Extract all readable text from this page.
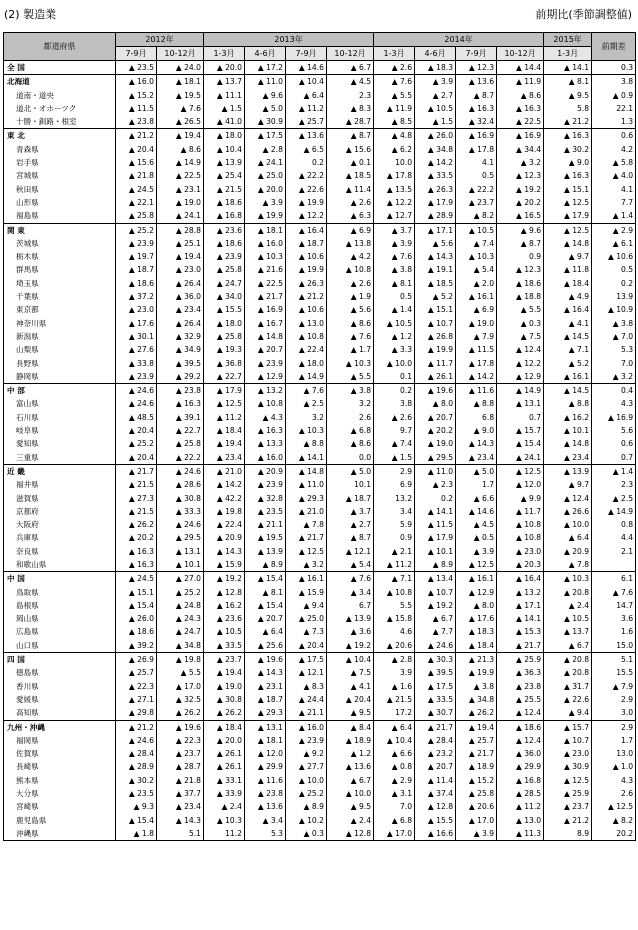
(2) 製造業	前期比(季節調整値)
都道府県	2012年		2013年				2014年				2015年	前期差
	7-9月	10-12月	1-3月	4-6月	7-9月	10-12月	1-3月	4-6月	7-9月	10-12月	1-3月	
全 国	▲ 23.5	▲ 24.0	▲ 20.0	▲ 17.2	▲ 14.6	▲ 6.7	▲ 2.6	▲ 18.3	▲ 12.3	▲ 14.4	▲ 14.1	0.3
北海道	▲ 16.0	▲ 18.1	▲ 13.7	▲ 11.0	▲ 10.4	▲ 4.5	▲ 7.6	▲ 3.9	▲ 13.6	▲ 11.9	▲ 8.1	3.8
道南・道央	▲ 15.2	▲ 19.5	▲ 11.1	▲ 9.6	▲ 6.4	2.3	▲ 5.5	▲ 2.7	▲ 8.7	▲ 8.6	▲ 9.5	▲ 0.9
道北・オホーツク	▲ 11.5	▲ 7.6	▲ 1.5	▲ 5.0	▲ 11.2	▲ 8.3	▲ 11.9	▲ 10.5	▲ 16.3	▲ 16.3	5.8	22.1
十勝・釧路・根室	▲ 23.8	▲ 26.5	▲ 41.0	▲ 30.9	▲ 25.7	▲ 28.7	▲ 8.5	▲ 1.5	▲ 32.4	▲ 22.5	▲ 21.2	1.3
東 北	▲ 21.2	▲ 19.4	▲ 18.0	▲ 17.5	▲ 13.6	▲ 8.7	▲ 4.8	▲ 26.0	▲ 16.9	▲ 16.9	▲ 16.3	0.6
青森県	▲ 20.4	▲ 8.6	▲ 10.4	▲ 2.8	▲ 6.5	▲ 15.6	▲ 6.2	▲ 34.8	▲ 17.8	▲ 34.4	▲ 30.2	4.2
岩手県	▲ 15.6	▲ 14.9	▲ 13.9	▲ 24.1	0.2	▲ 0.1	10.0	▲ 14.2	4.1	▲ 3.2	▲ 9.0	▲ 5.8
宮城県	▲ 21.8	▲ 22.5	▲ 25.4	▲ 25.0	▲ 22.2	▲ 18.5	▲ 17.8	▲ 33.5	0.5	▲ 12.3	▲ 16.3	▲ 4.0
秋田県	▲ 24.5	▲ 23.1	▲ 21.5	▲ 20.0	▲ 22.6	▲ 11.4	▲ 13.5	▲ 26.3	▲ 22.2	▲ 19.2	▲ 15.1	4.1
山形県	▲ 22.1	▲ 19.0	▲ 18.6	▲ 3.9	▲ 19.9	▲ 2.6	▲ 12.2	▲ 17.9	▲ 23.7	▲ 20.2	▲ 12.5	7.7
福島県	▲ 25.8	▲ 24.1	▲ 16.8	▲ 19.9	▲ 12.2	▲ 6.3	▲ 12.7	▲ 28.9	▲ 8.2	▲ 16.5	▲ 17.9	▲ 1.4
関 東	▲ 25.2	▲ 28.8	▲ 23.6	▲ 18.1	▲ 16.4	▲ 6.9	▲ 3.7	▲ 17.1	▲ 10.5	▲ 9.6	▲ 12.5	▲ 2.9
茨城県	▲ 23.9	▲ 25.1	▲ 18.6	▲ 16.0	▲ 18.7	▲ 13.8	▲ 3.9	▲ 5.6	▲ 7.4	▲ 8.7	▲ 14.8	▲ 6.1
栃木県	▲ 19.7	▲ 19.4	▲ 23.9	▲ 10.3	▲ 10.6	▲ 4.2	▲ 7.6	▲ 14.3	▲ 10.3	0.9	▲ 9.7	▲ 10.6
群馬県	▲ 18.7	▲ 23.0	▲ 25.8	▲ 21.6	▲ 19.9	▲ 10.8	▲ 3.8	▲ 19.1	▲ 5.4	▲ 12.3	▲ 11.8	0.5
埼玉県	▲ 18.6	▲ 26.4	▲ 24.7	▲ 22.5	▲ 26.3	▲ 2.6	▲ 8.1	▲ 18.5	▲ 2.0	▲ 18.6	▲ 18.4	0.2
千葉県	▲ 37.2	▲ 36.0	▲ 34.0	▲ 21.7	▲ 21.2	▲ 1.9	0.5	▲ 5.2	▲ 16.1	▲ 18.8	▲ 4.9	13.9
東京都	▲ 23.0	▲ 23.4	▲ 15.5	▲ 16.9	▲ 10.6	▲ 5.6	▲ 1.4	▲ 15.1	▲ 6.9	▲ 5.5	▲ 16.4	▲ 10.9
神奈川県	▲ 17.6	▲ 26.4	▲ 18.0	▲ 16.7	▲ 13.0	▲ 8.6	▲ 10.5	▲ 10.7	▲ 19.0	▲ 0.3	▲ 4.1	▲ 3.8
新潟県	▲ 30.1	▲ 32.9	▲ 25.8	▲ 14.8	▲ 10.8	▲ 7.6	▲ 1.2	▲ 26.8	▲ 7.9	▲ 7.5	▲ 14.5	▲ 7.0
山梨県	▲ 27.6	▲ 34.9	▲ 19.3	▲ 20.7	▲ 22.4	▲ 1.7	▲ 3.3	▲ 19.9	▲ 11.5	▲ 12.4	▲ 7.1	5.3
長野県	▲ 33.8	▲ 39.5	▲ 36.8	▲ 23.9	▲ 18.0	▲ 10.3	▲ 10.0	▲ 11.7	▲ 17.8	▲ 12.2	▲ 5.2	7.0
静岡県	▲ 23.9	▲ 29.2	▲ 22.7	▲ 12.9	▲ 14.9	▲ 5.5	0.1	▲ 26.1	▲ 14.2	▲ 12.9	▲ 16.1	▲ 3.2
中 部	▲ 24.6	▲ 23.8	▲ 17.9	▲ 13.2	▲ 7.6	▲ 3.8	0.2	▲ 19.6	▲ 11.6	▲ 14.9	▲ 14.5	0.4
富山県	▲ 24.6	▲ 16.3	▲ 12.5	▲ 10.8	▲ 2.5	3.2	3.8	▲ 8.0	▲ 8.8	▲ 13.1	▲ 8.8	4.3
石川県	▲ 48.5	▲ 39.1	▲ 11.2	▲ 4.3	3.2	2.6	▲ 2.6	▲ 20.7	6.8	0.7	▲ 16.2	▲ 16.9
岐阜県	▲ 20.4	▲ 22.7	▲ 18.4	▲ 16.3	▲ 10.3	▲ 6.8	9.7	▲ 20.2	▲ 9.0	▲ 15.7	▲ 10.1	5.6
愛知県	▲ 25.2	▲ 25.8	▲ 19.4	▲ 13.3	▲ 8.8	▲ 8.6	▲ 7.4	▲ 19.0	▲ 14.3	▲ 15.4	▲ 14.8	0.6
三重県	▲ 20.4	▲ 22.2	▲ 23.4	▲ 16.0	▲ 14.1	0.0	▲ 1.5	▲ 29.5	▲ 23.4	▲ 24.1	▲ 23.4	0.7
近 畿	▲ 21.7	▲ 24.6	▲ 21.0	▲ 20.9	▲ 14.8	▲ 5.0	2.9	▲ 11.0	▲ 5.0	▲ 12.5	▲ 13.9	▲ 1.4
福井県	▲ 21.5	▲ 28.6	▲ 14.2	▲ 23.9	▲ 11.0	10.1	6.9	▲ 2.3	1.7	▲ 12.0	▲ 9.7	2.3
滋賀県	▲ 27.3	▲ 30.8	▲ 42.2	▲ 32.8	▲ 29.3	▲ 18.7	13.2	0.2	▲ 6.6	▲ 9.9	▲ 12.4	▲ 2.5
京都府	▲ 21.5	▲ 33.3	▲ 19.8	▲ 23.5	▲ 21.0	▲ 3.7	3.4	▲ 14.1	▲ 14.6	▲ 11.7	▲ 26.6	▲ 14.9
大阪府	▲ 26.2	▲ 24.6	▲ 22.4	▲ 21.1	▲ 7.8	▲ 2.7	5.9	▲ 11.5	▲ 4.5	▲ 10.8	▲ 10.0	0.8
兵庫県	▲ 20.2	▲ 29.5	▲ 20.9	▲ 19.5	▲ 21.7	▲ 8.7	0.9	▲ 17.9	▲ 0.5	▲ 10.8	▲ 6.4	4.4
奈良県	▲ 16.3	▲ 13.1	▲ 14.3	▲ 13.9	▲ 12.5	▲ 12.1	▲ 2.1	▲ 10.1	▲ 3.9	▲ 23.0	▲ 20.9	2.1
和歌山県	▲ 16.3	▲ 10.1	▲ 15.9	▲ 8.9	▲ 3.2	▲ 5.4	▲ 11.2	▲ 8.9	▲ 12.5	▲ 20.3	▲ 7.8	
中 国	▲ 24.5	▲ 27.0	▲ 19.2	▲ 15.4	▲ 16.1	▲ 7.6	▲ 7.1	▲ 13.4	▲ 16.1	▲ 16.4	▲ 10.3	6.1
鳥取県	▲ 15.1	▲ 25.2	▲ 12.8	▲ 8.1	▲ 15.9	▲ 3.4	▲ 10.8	▲ 10.7	▲ 12.9	▲ 13.2	▲ 20.8	▲ 7.6
島根県	▲ 15.4	▲ 24.8	▲ 16.2	▲ 15.4	▲ 9.4	6.7	5.5	▲ 19.2	▲ 8.0	▲ 17.1	▲ 2.4	14.7
岡山県	▲ 26.0	▲ 24.3	▲ 23.6	▲ 20.7	▲ 25.0	▲ 13.9	▲ 15.8	▲ 6.7	▲ 17.6	▲ 14.1	▲ 10.5	3.6
広島県	▲ 18.6	▲ 24.7	▲ 10.5	▲ 6.4	▲ 7.3	▲ 3.6	4.6	▲ 7.7	▲ 18.3	▲ 15.3	▲ 13.7	1.6
山口県	▲ 39.2	▲ 34.8	▲ 33.5	▲ 25.6	▲ 20.4	▲ 19.2	▲ 20.6	▲ 24.6	▲ 18.4	▲ 21.7	▲ 6.7	15.0
四 国	▲ 26.9	▲ 19.8	▲ 23.7	▲ 19.6	▲ 17.5	▲ 10.4	▲ 2.8	▲ 30.3	▲ 21.3	▲ 25.9	▲ 20.8	5.1
徳島県	▲ 25.7	▲ 5.5	▲ 19.4	▲ 14.3	▲ 12.1	▲ 7.5	3.9	▲ 39.5	▲ 19.9	▲ 36.3	▲ 20.8	15.5
香川県	▲ 22.3	▲ 17.0	▲ 19.0	▲ 23.1	▲ 8.3	▲ 4.1	▲ 1.6	▲ 17.5	▲ 3.8	▲ 23.8	▲ 31.7	▲ 7.9
愛媛県	▲ 27.1	▲ 32.5	▲ 30.8	▲ 18.7	▲ 24.4	▲ 20.4	▲ 21.5	▲ 33.5	▲ 34.8	▲ 25.5	▲ 22.6	2.9
高知県	▲ 29.8	▲ 26.2	▲ 26.2	▲ 29.3	▲ 21.1	▲ 9.5	17.2	▲ 30.7	▲ 26.2	▲ 12.4	▲ 9.4	3.0
九州・沖縄	▲ 21.2	▲ 19.6	▲ 18.4	▲ 13.1	▲ 16.0	▲ 8.4	▲ 6.4	▲ 21.7	▲ 19.4	▲ 18.6	▲ 15.7	2.9
福岡県	▲ 24.6	▲ 22.3	▲ 20.0	▲ 18.1	▲ 23.9	▲ 18.9	▲ 10.4	▲ 28.4	▲ 25.7	▲ 12.4	▲ 10.7	1.7
佐賀県	▲ 28.4	▲ 23.7	▲ 26.1	▲ 12.0	▲ 9.2	▲ 1.2	▲ 6.6	▲ 23.2	▲ 21.7	▲ 36.0	▲ 23.0	13.0
長崎県	▲ 28.9	▲ 28.7	▲ 26.1	▲ 29.9	▲ 27.7	▲ 13.6	▲ 0.8	▲ 20.7	▲ 18.9	▲ 29.9	▲ 30.9	▲ 1.0
熊本県	▲ 30.2	▲ 21.8	▲ 33.1	▲ 11.6	▲ 10.0	▲ 6.7	▲ 2.9	▲ 11.4	▲ 15.2	▲ 16.8	▲ 12.5	4.3
大分県	▲ 23.5	▲ 37.7	▲ 33.9	▲ 23.8	▲ 25.2	▲ 10.0	▲ 3.1	▲ 37.4	▲ 25.8	▲ 28.5	▲ 25.9	2.6
宮崎県	▲ 9.3	▲ 23.4	▲ 2.4	▲ 13.6	▲ 8.9	▲ 9.5	7.0	▲ 12.8	▲ 20.6	▲ 11.2	▲ 23.7	▲ 12.5
鹿児島県	▲ 15.4	▲ 14.3	▲ 10.3	▲ 3.4	▲ 10.2	▲ 2.4	▲ 6.8	▲ 15.5	▲ 17.0	▲ 13.0	▲ 21.2	▲ 8.2
沖縄県	▲ 1.8	5.1	11.2	5.3	▲ 0.3	▲ 12.8	▲ 17.0	▲ 16.6	▲ 3.9	▲ 11.3	8.9	20.2
